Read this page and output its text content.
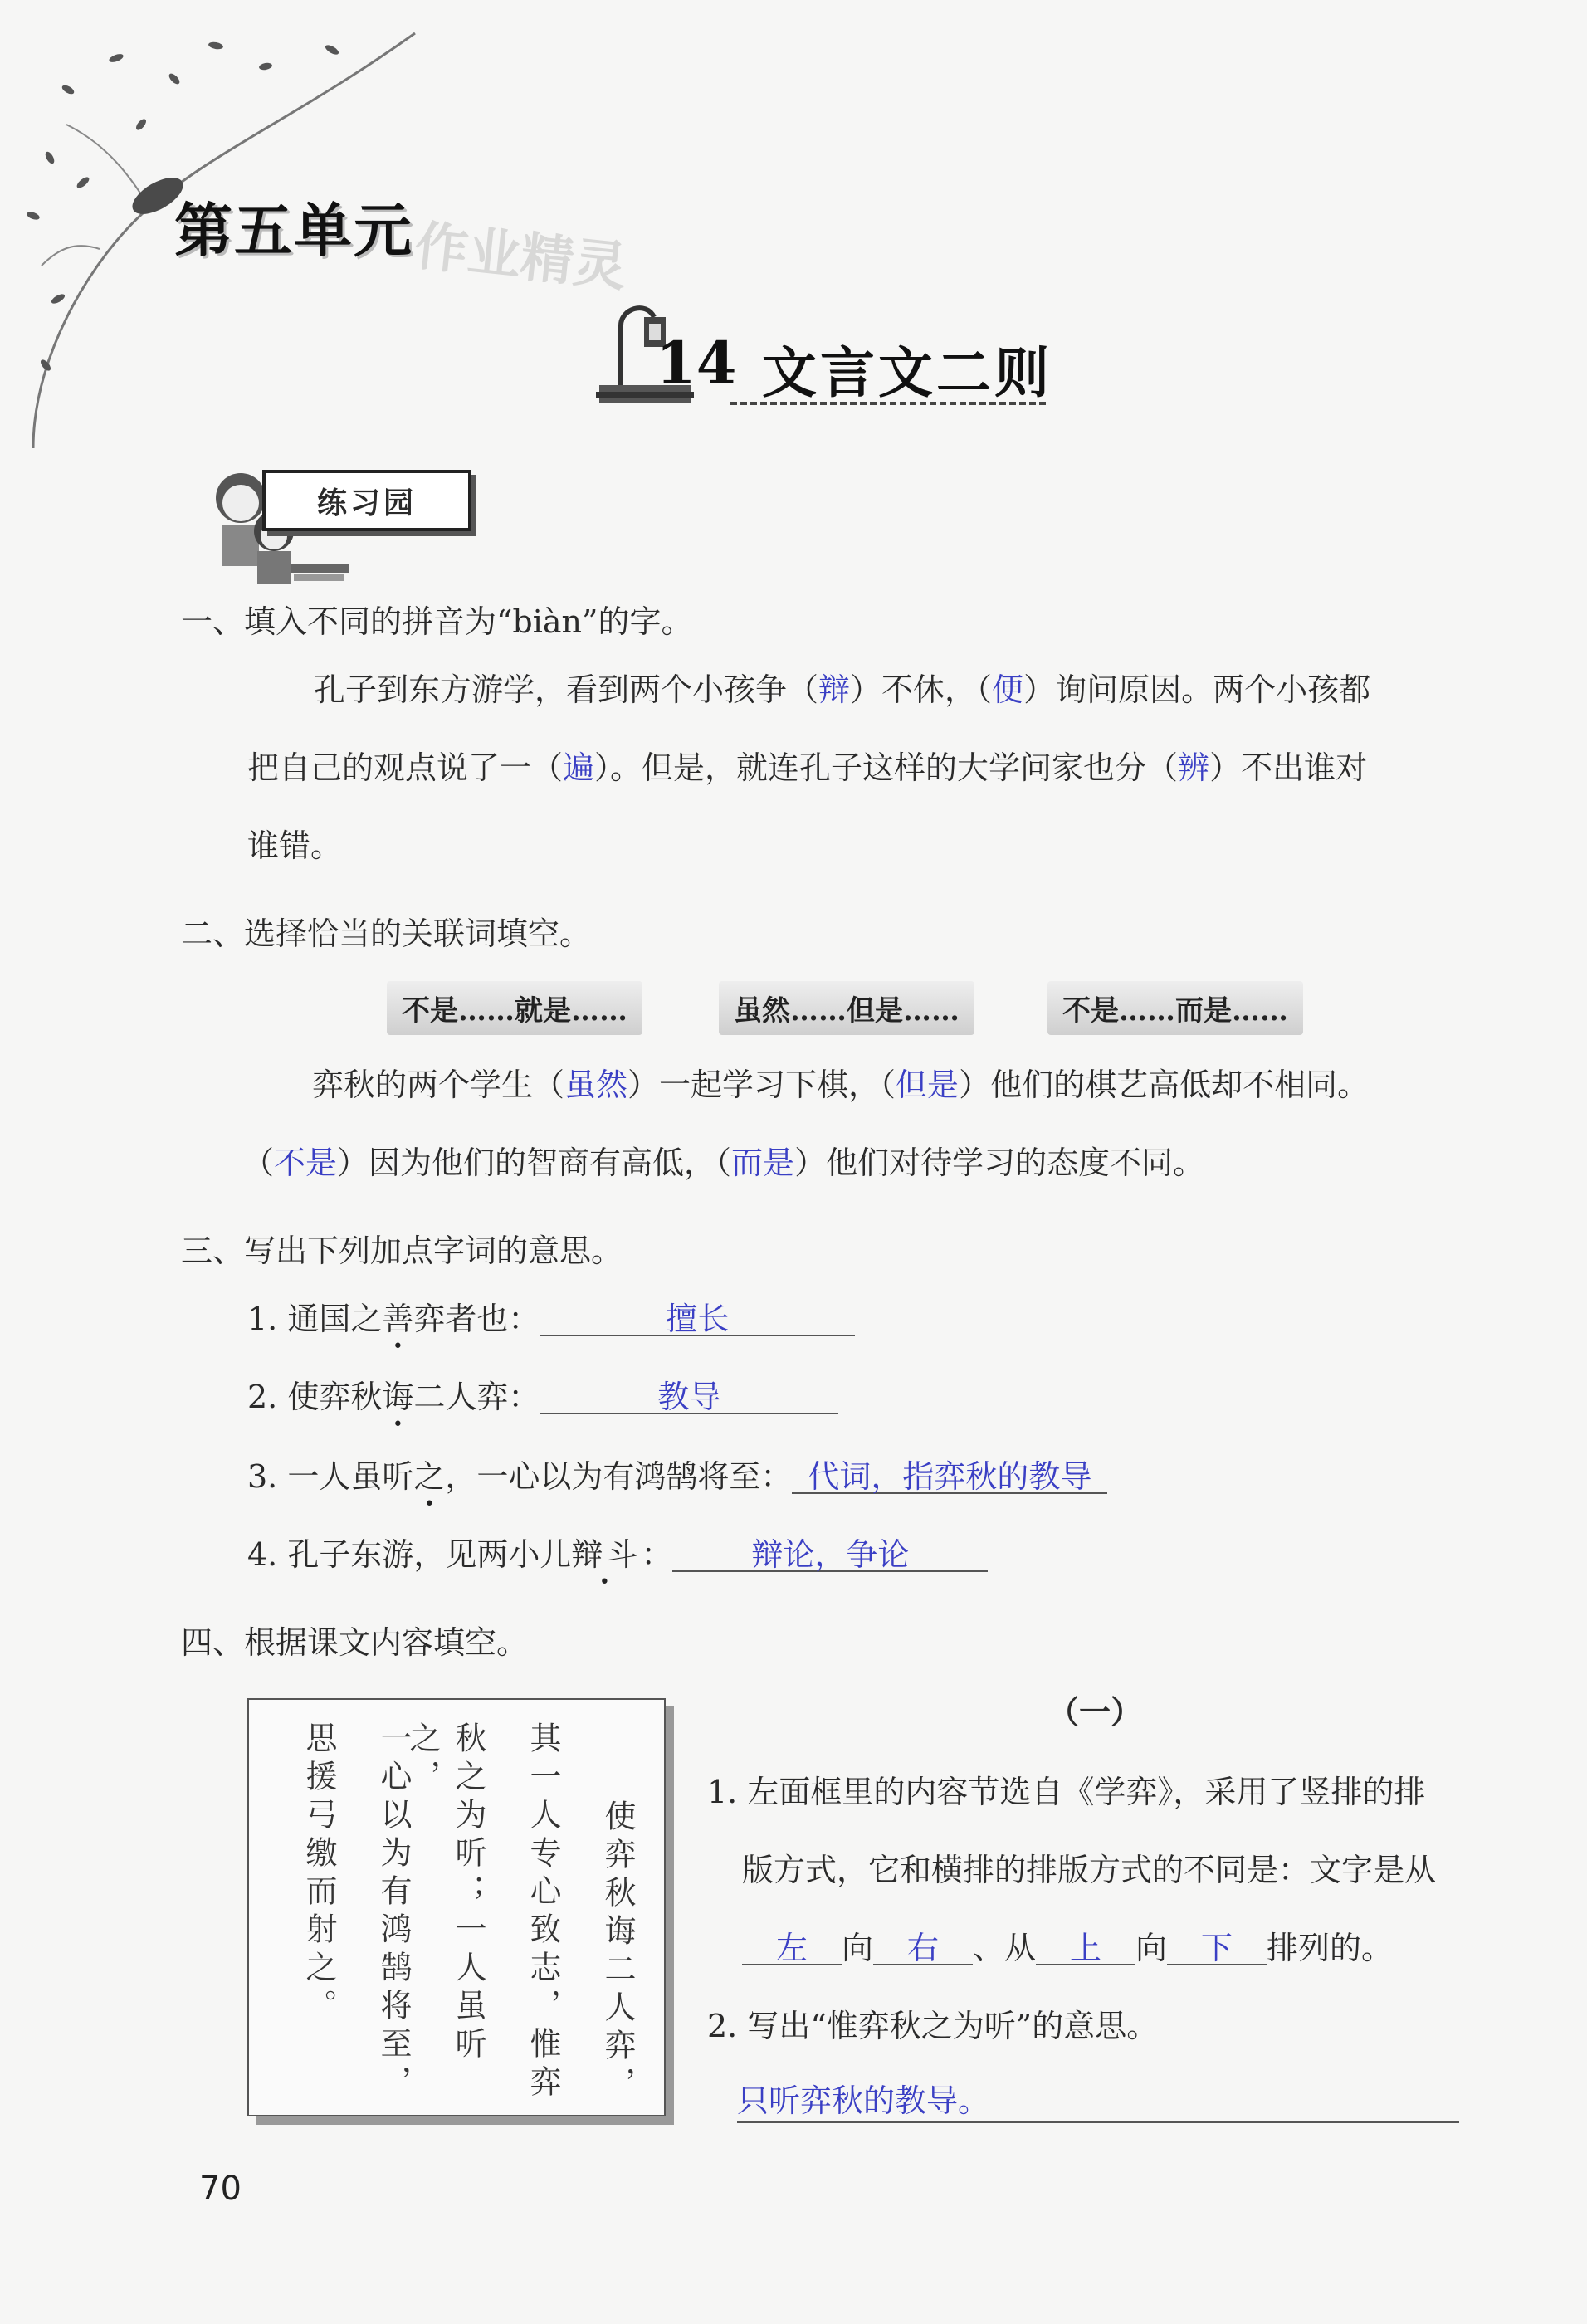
第五单元
作业精灵
14 文言文二则
练习园
一、填入不同的拼音为“biàn”的字。
孔子到东方游学，看到两个小孩争（辩）不休，（便）询问原因。两个小孩都
把自己的观点说了一（遍）。但是，就连孔子这样的大学问家也分（辨）不出谁对
谁错。
二、选择恰当的关联词填空。
不是……就是……	虽然……但是……	不是……而是……
弈秋的两个学生（虽然）一起学习下棋，（但是）他们的棋艺高低却不相同。
（不是）因为他们的智商有高低，（而是）他们对待学习的态度不同。
三、写出下列加点字词的意思。
1. 通国之善弈者也：	擅长
2. 使弈秋诲二人弈：	教导
3. 一人虽听之，一心以为有鸿鹄将至： 代词，指弈秋的教导
4. 孔子东游，见两小儿辩斗： 辩论，争论
四、根据课文内容填空。
使弈秋诲二人弈，
其一人专心致志，惟弈
秋之为听；一人虽听之，
一心以为有鸿鹄将至，
思援弓缴而射之。
（一）
1. 左面框里的内容节选自《学弈》，采用了竖排的排
版方式，它和横排的排版方式的不同是：文字是从
左 向 右 、从 上 向 下 排列的。
2. 写出“惟弈秋之为听”的意思。
只听弈秋的教导。
70
